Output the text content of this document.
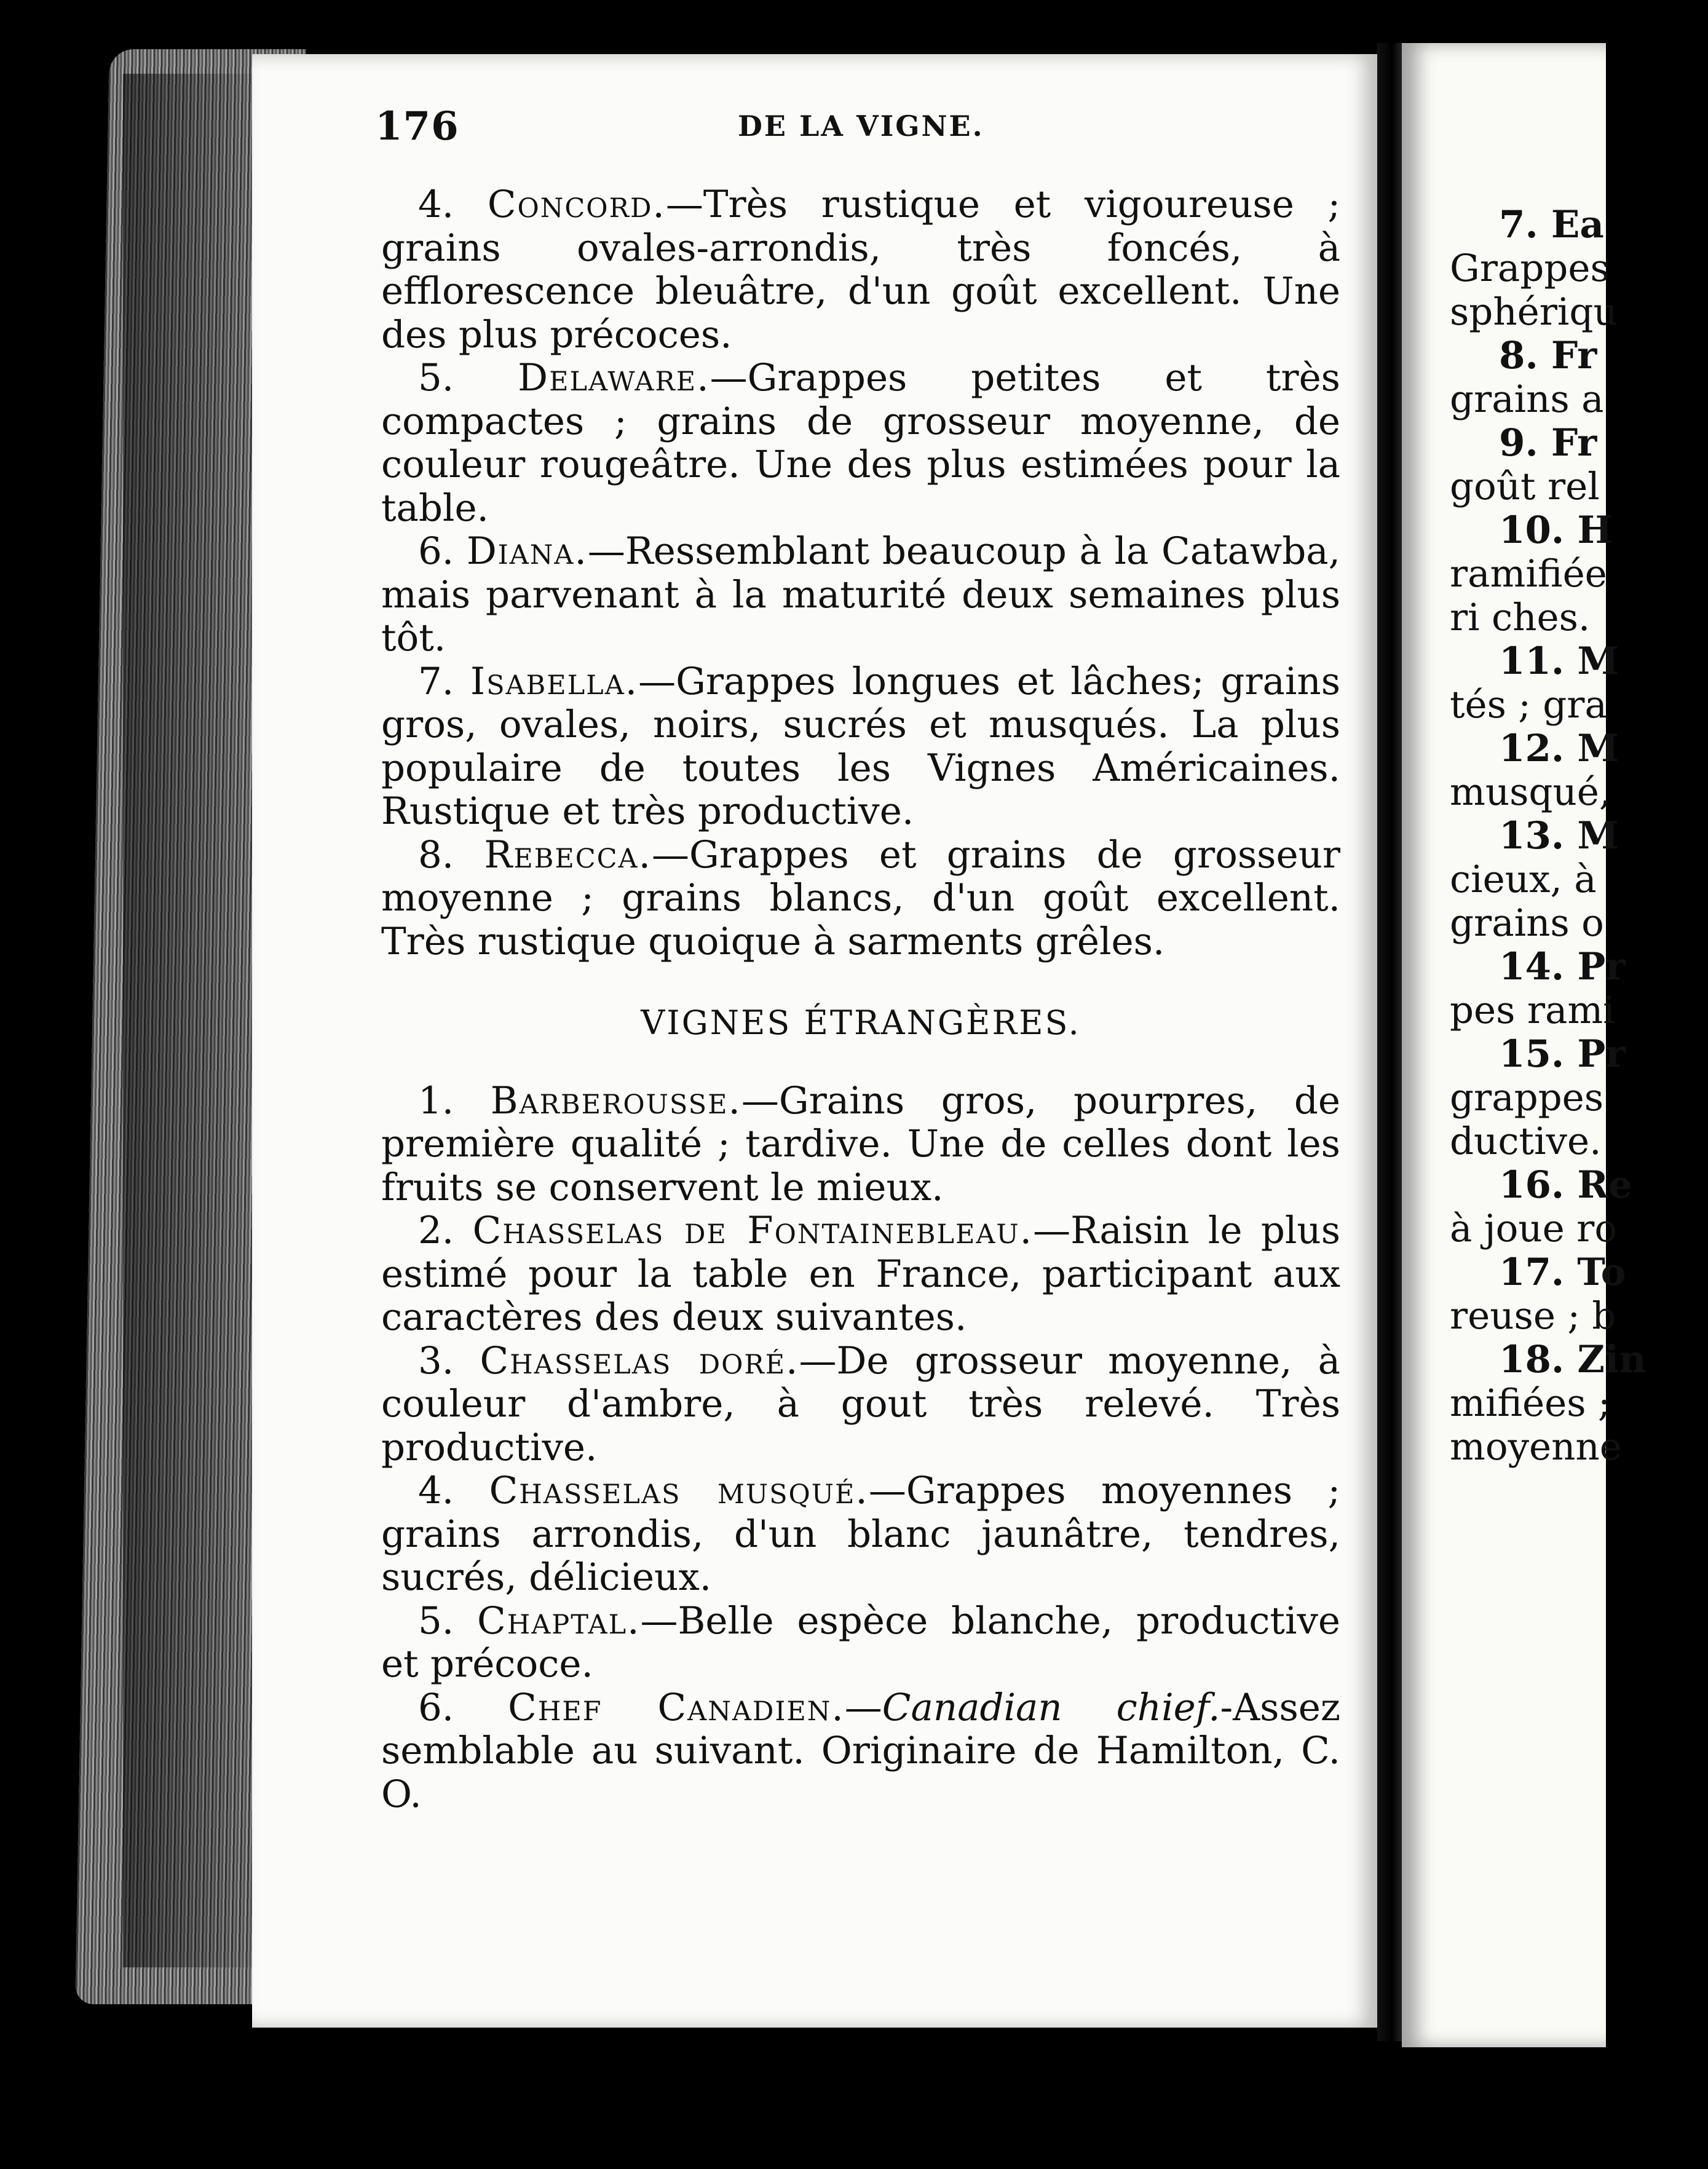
176	DE LA VIGNE.

4. Concord.—Très rustique et vigoureuse ; grains ovales-arrondis, très foncés, à efflorescence bleuâtre, d'un goût excellent. Une des plus précoces.

5. Delaware.—Grappes petites et très compactes ; grains de grosseur moyenne, de couleur rougeâtre. Une des plus estimées pour la table.

6. Diana.—Ressemblant beaucoup à la Catawba, mais parvenant à la maturité deux semaines plus tôt.

7. Isabella.—Grappes longues et lâches; grains gros, ovales, noirs, sucrés et musqués. La plus populaire de toutes les Vignes Américaines. Rustique et très productive.

8. Rebecca.—Grappes et grains de grosseur moyenne ; grains blancs, d'un goût excellent. Très rustique quoique à sarments grêles.

VIGNES ÉTRANGÈRES.

1. Barberousse.—Grains gros, pourpres, de première qualité ; tardive. Une de celles dont les fruits se conservent le mieux.

2. Chasselas de Fontainebleau.—Raisin le plus estimé pour la table en France, participant aux caractères des deux suivantes.

3. Chasselas doré.—De grosseur moyenne, à couleur d'ambre, à gout très relevé. Très productive.

4. Chasselas musqué.—Grappes moyennes ; grains arrondis, d'un blanc jaunâtre, tendres, sucrés, délicieux.

5. Chaptal.—Belle espèce blanche, productive et précoce.

6. Chef Canadien.—Canadian chief.-Assez semblable au suivant. Originaire de Hamilton, C. O.

7. Ea
Grappes
sphériqu
8. Fr
grains a
9. Fr
goût rel
10. H
ramifiée
ri ches.
11. M
tés ; gra
12. M
musqué,
13. M
cieux, à
grains o
14. Pr
pes rami
15. Pr
grappes
ductive.
16. Re
à joue ro
17. To
reuse ; b
18. Zin
mifiées ;
moyenne
